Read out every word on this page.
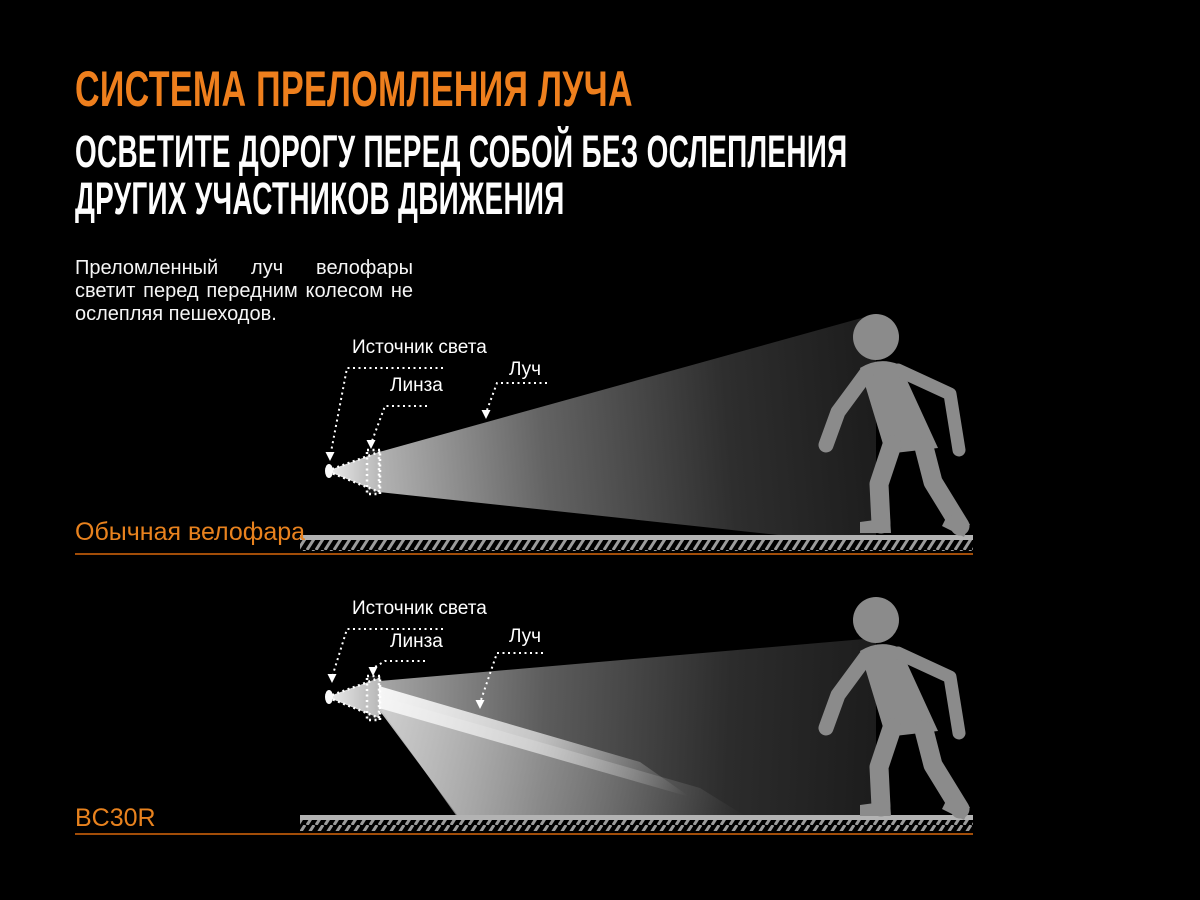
СИСТЕМА ПРЕЛОМЛЕНИЯ ЛУЧА
ОСВЕТИТЕ ДОРОГУ ПЕРЕД СОБОЙ БЕЗ ОСЛЕПЛЕНИЯ
ДРУГИХ УЧАСТНИКОВ ДВИЖЕНИЯ
Преломленный луч велофары светит перед передним колесом не ослепляя пешеходов.
Источник света
Линза
Луч
Обычная велофара
Источник света
Линза	Луч
BC30R
